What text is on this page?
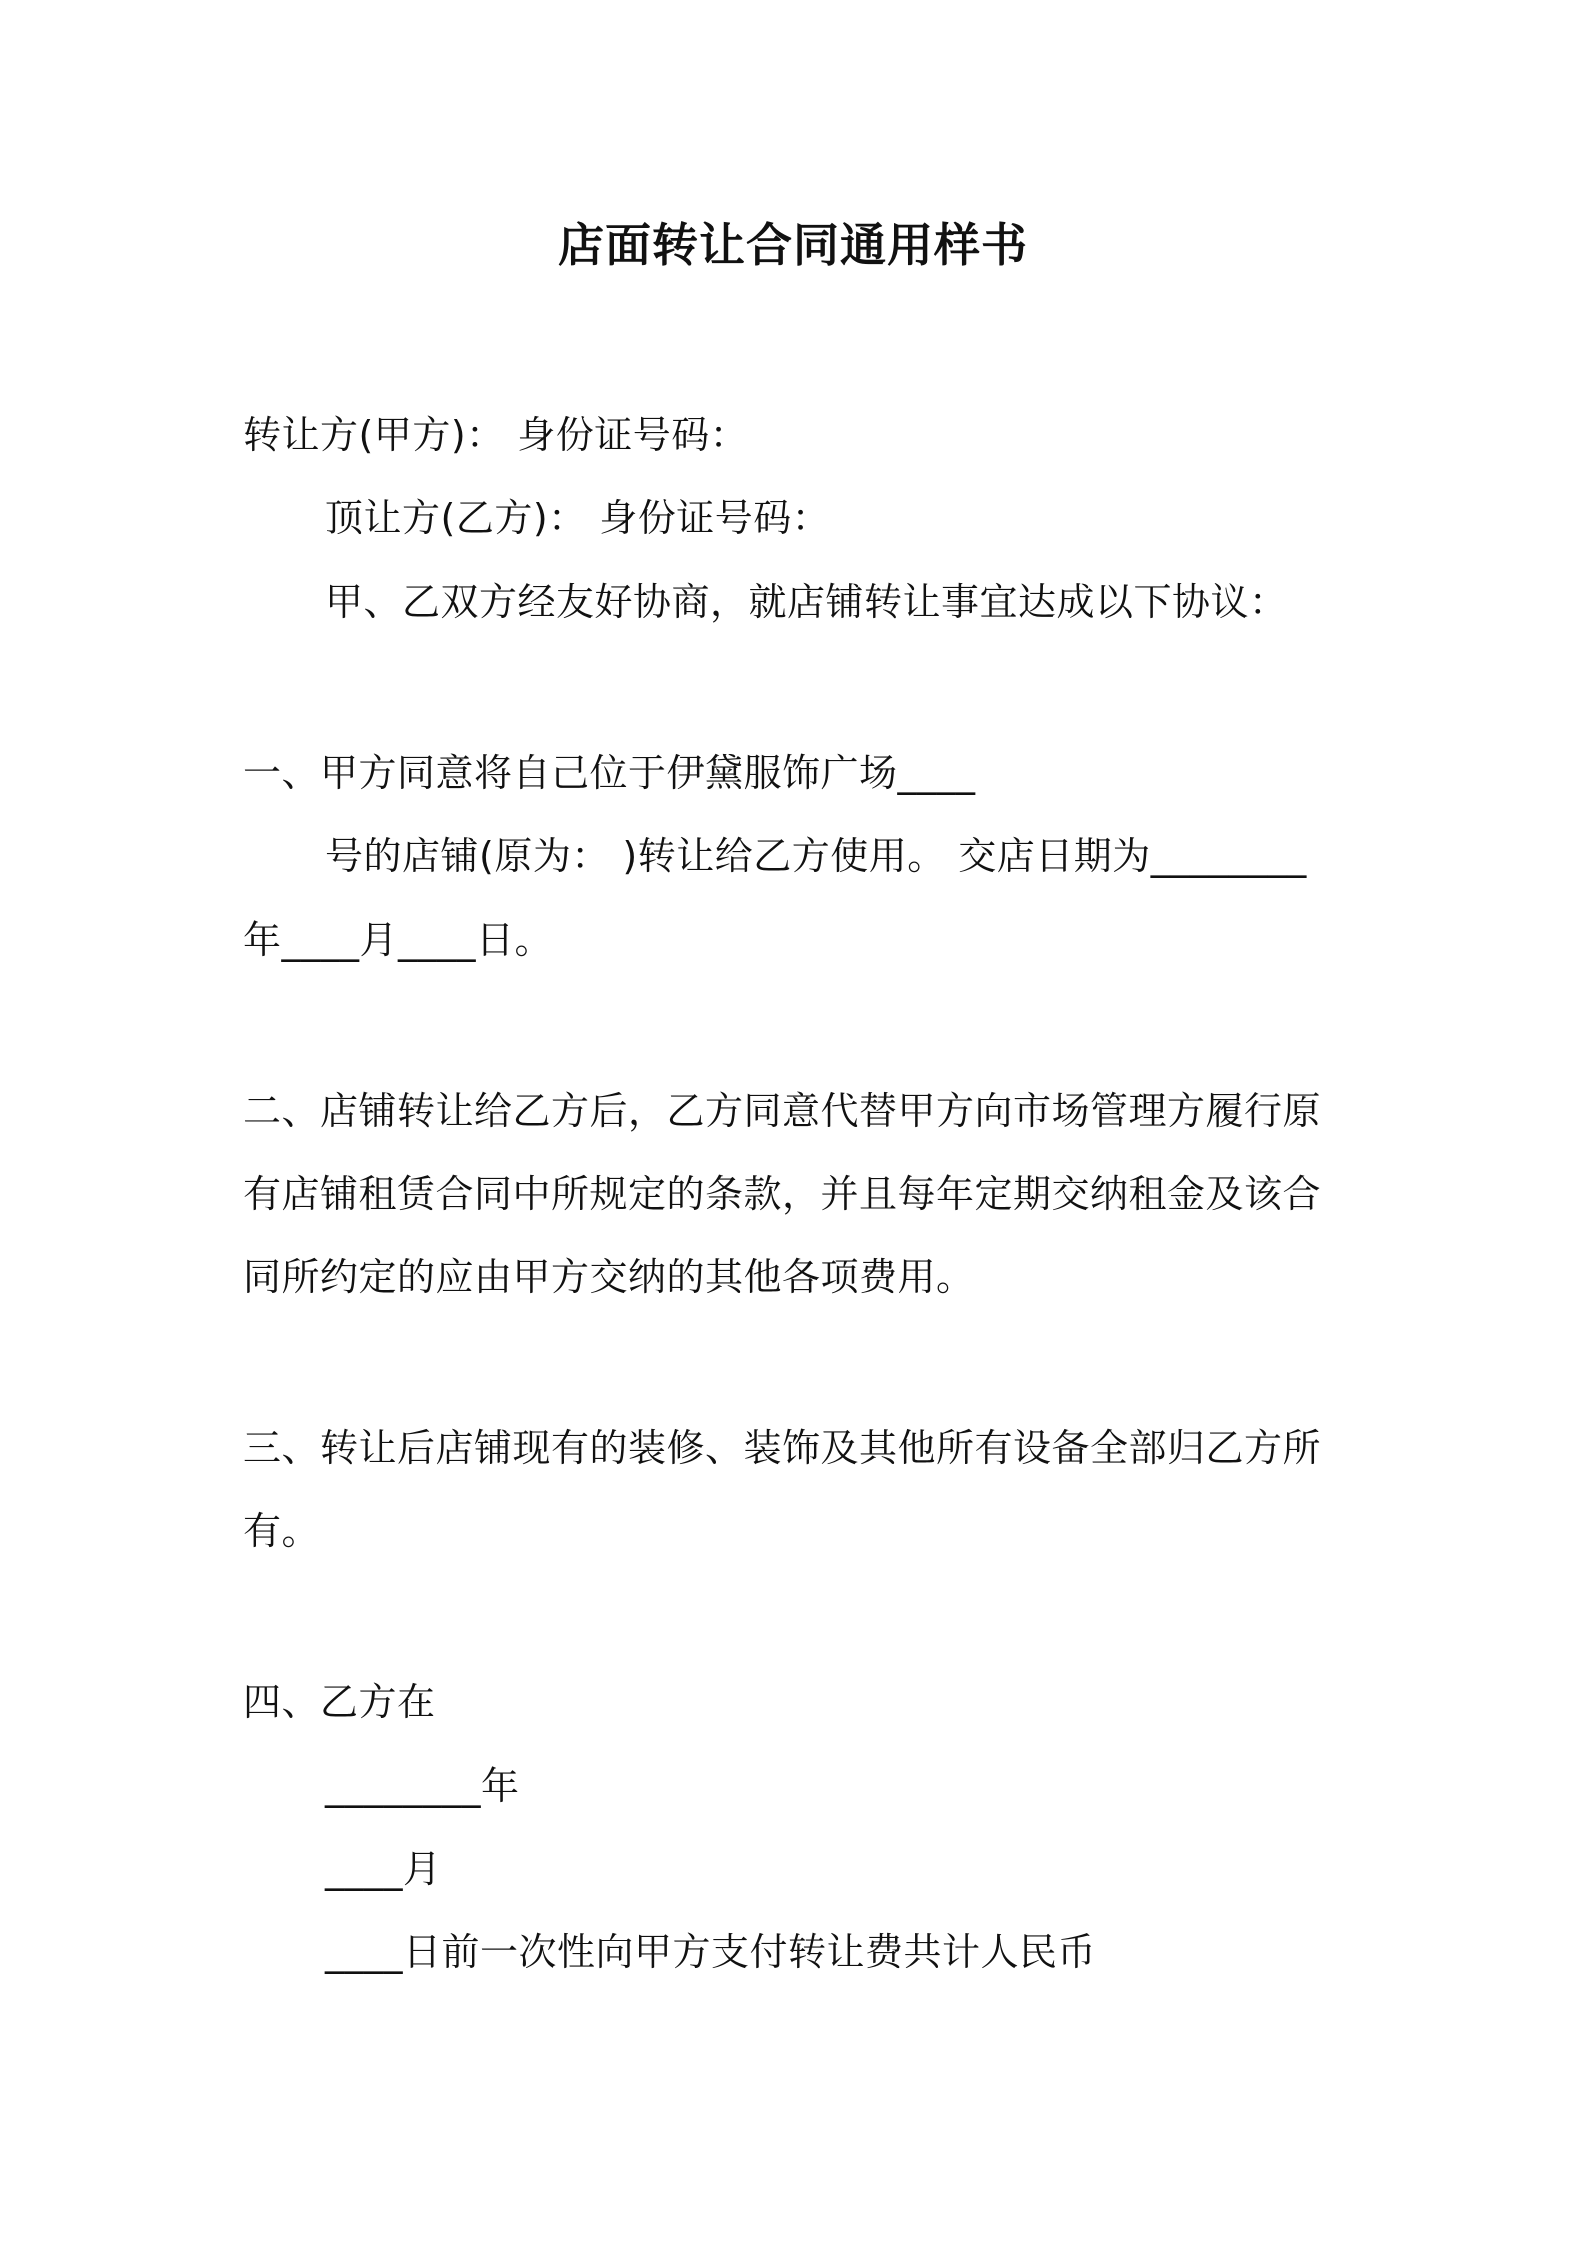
店面转让合同通用样书
转让方(甲方)： 身份证号码：
顶让方(乙方)： 身份证号码：
甲、乙双方经友好协商，就店铺转让事宜达成以下协议：
一、甲方同意将自己位于伊黛服饰广场____
号的店铺(原为： )转让给乙方使用。 交店日期为________
年____月____日。
二、店铺转让给乙方后，乙方同意代替甲方向市场管理方履行原
有店铺租赁合同中所规定的条款，并且每年定期交纳租金及该合
同所约定的应由甲方交纳的其他各项费用。
三、转让后店铺现有的装修、装饰及其他所有设备全部归乙方所
有。
四、乙方在
________年
____月
____日前一次性向甲方支付转让费共计人民币
